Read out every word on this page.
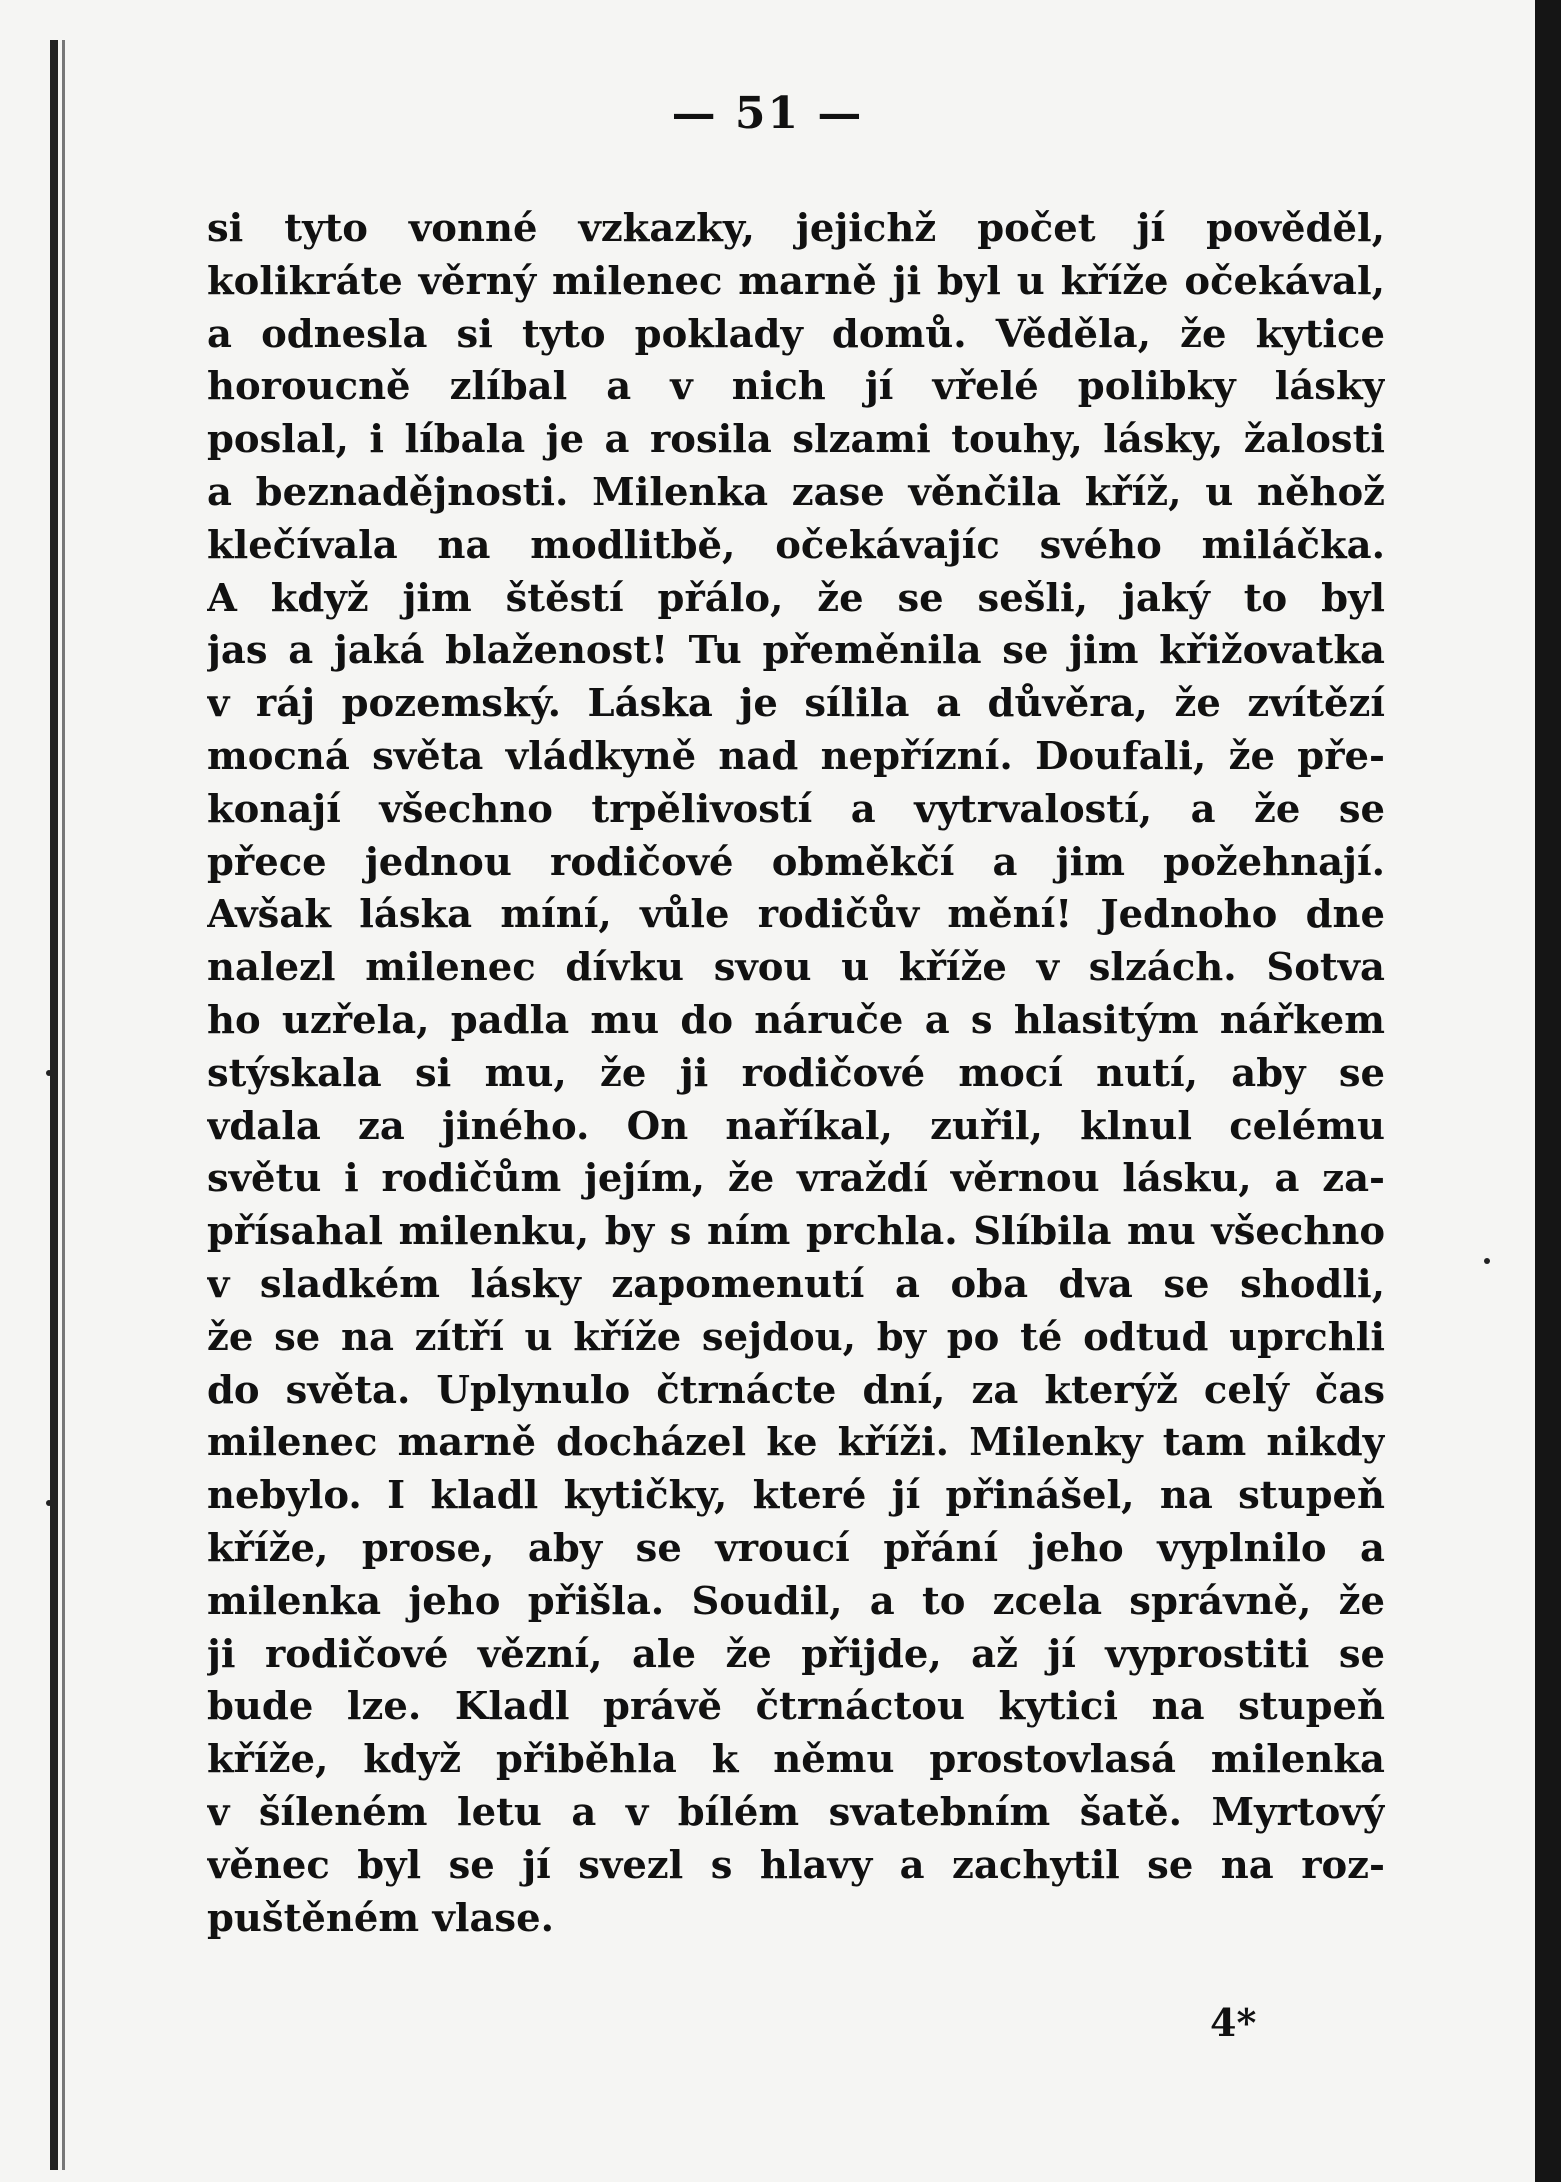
— 51 —
si tyto vonné vzkazky, jejichž počet jí pověděl,
kolikráte věrný milenec marně ji byl u kříže očekával,
a odnesla si tyto poklady domů. Věděla, že kytice
horoucně zlíbal a v nich jí vřelé polibky lásky
poslal, i líbala je a rosila slzami touhy, lásky, žalosti
a beznadějnosti. Milenka zase věnčila kříž, u něhož
klečívala na modlitbě, očekávajíc svého miláčka.
A když jim štěstí přálo, že se sešli, jaký to byl
jas a jaká blaženost! Tu přeměnila se jim křižovatka
v ráj pozemský. Láska je sílila a důvěra, že zvítězí
mocná světa vládkyně nad nepřízní. Doufali, že pře-
konají všechno trpělivostí a vytrvalostí, a že se
přece jednou rodičové obměkčí a jim požehnají.
Avšak láska míní, vůle rodičův mění! Jednoho dne
nalezl milenec dívku svou u kříže v slzách. Sotva
ho uzřela, padla mu do náruče a s hlasitým nářkem
stýskala si mu, že ji rodičové mocí nutí, aby se
vdala za jiného. On naříkal, zuřil, klnul celému
světu i rodičům jejím, že vraždí věrnou lásku, a za-
přísahal milenku, by s ním prchla. Slíbila mu všechno
v sladkém lásky zapomenutí a oba dva se shodli,
že se na zítří u kříže sejdou, by po té odtud uprchli
do světa. Uplynulo čtrnácte dní, za kterýž celý čas
milenec marně docházel ke kříži. Milenky tam nikdy
nebylo. I kladl kytičky, které jí přinášel, na stupeň
kříže, prose, aby se vroucí přání jeho vyplnilo a
milenka jeho přišla. Soudil, a to zcela správně, že
ji rodičové vězní, ale že přijde, až jí vyprostiti se
bude lze. Kladl právě čtrnáctou kytici na stupeň
kříže, když přiběhla k němu prostovlasá milenka
v šíleném letu a v bílém svatebním šatě. Myrtový
věnec byl se jí svezl s hlavy a zachytil se na roz-
puštěném vlase.
4*
